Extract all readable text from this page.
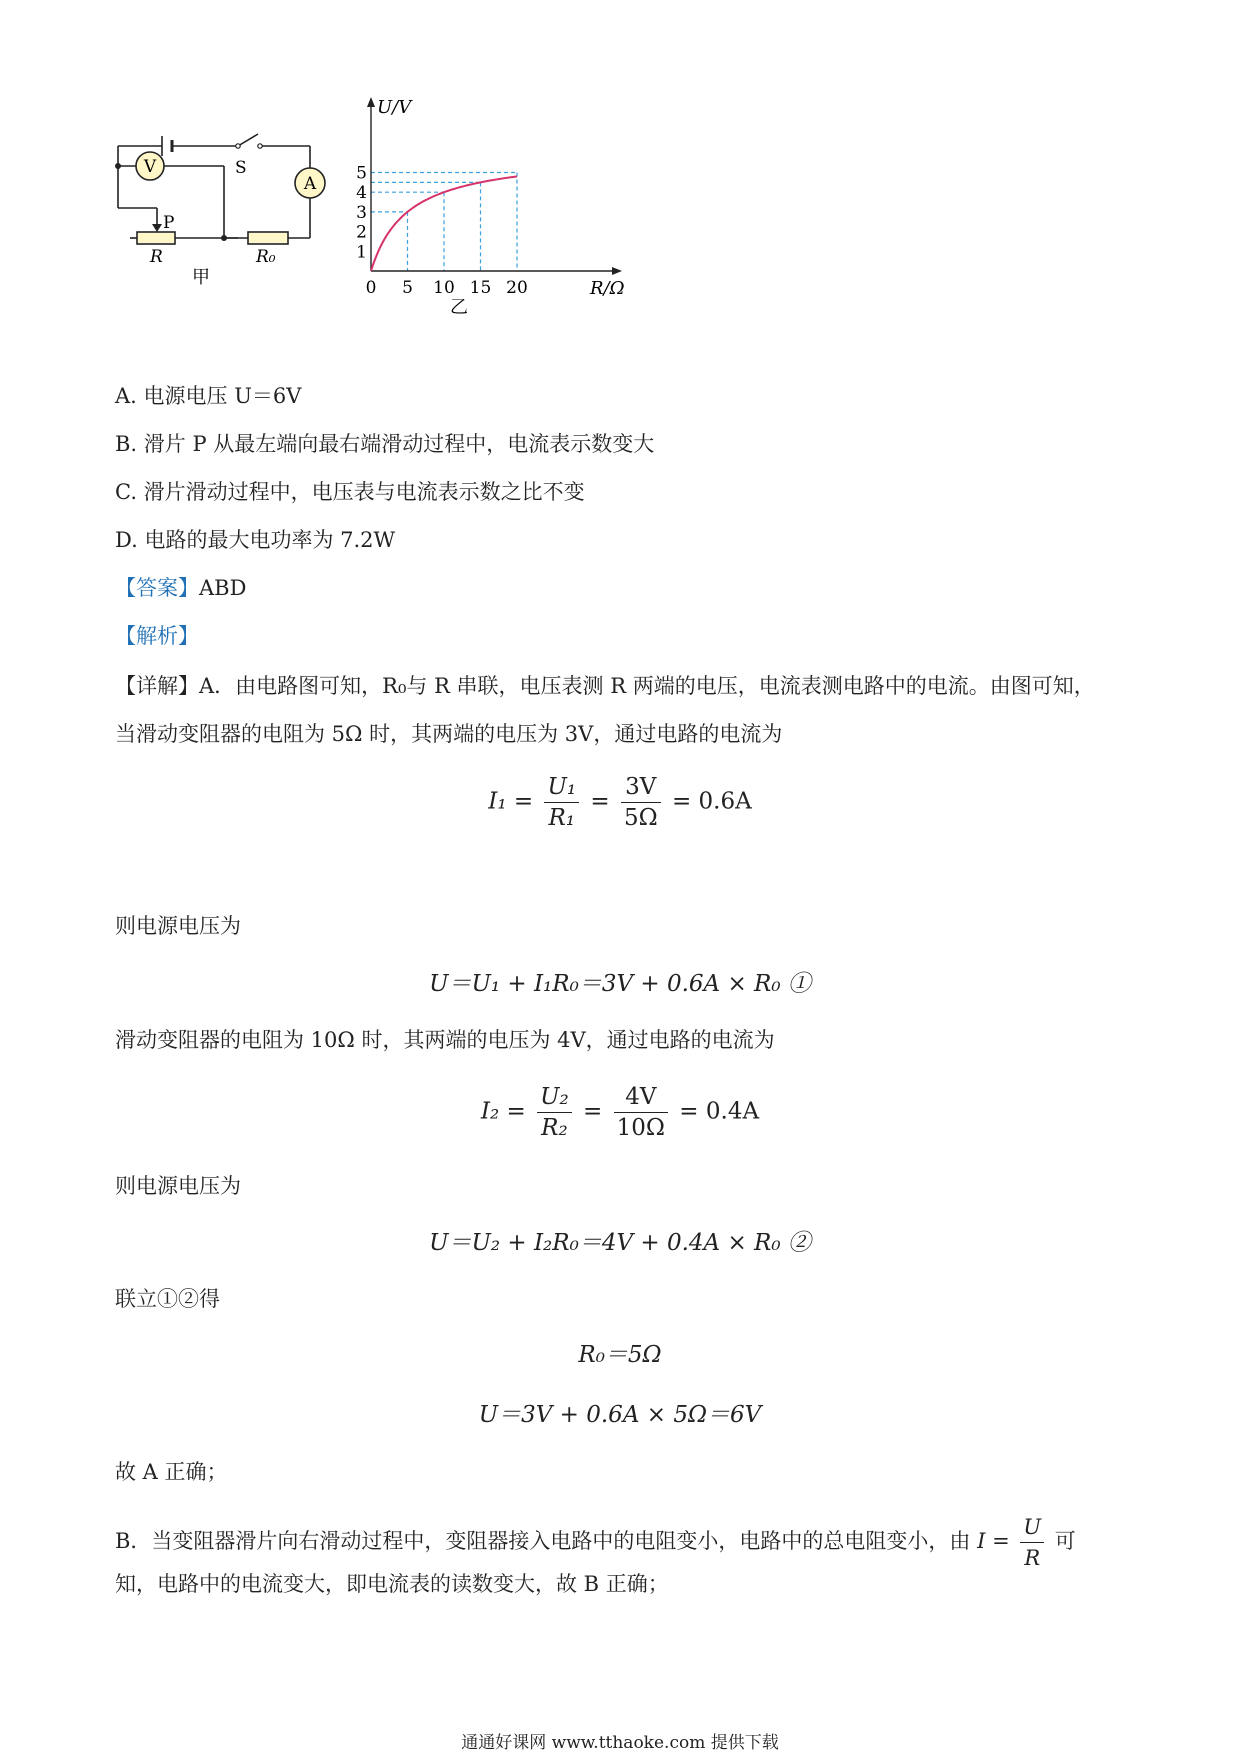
V
A
S
P
R	R₀
甲	0 5 10 15 20
1
2
3
4
5
U/V
R/Ω
乙
A. 电源电压 U＝6V
B. 滑片 P 从最左端向最右端滑动过程中，电流表示数变大
C. 滑片滑动过程中，电压表与电流表示数之比不变
D. 电路的最大电功率为 7.2W
【答案】ABD
【解析】
【详解】A．由电路图可知，R₀与 R 串联，电压表测 R 两端的电压，电流表测电路中的电流。由图可知，
当滑动变阻器的电阻为 5Ω 时，其两端的电压为 3V，通过电路的电流为
$I_1 = \frac{\text{U₁}}{\text{R₁}} = \frac{3V}{5\Omega} = 0.6A$
则电源电压为
U＝U₁ + I₁R₀＝3V + 0.6A × R₀ ①
滑动变阻器的电阻为 10Ω 时，其两端的电压为 4V，通过电路的电流为
$I_2 = \frac{\text{U₂}}{\text{R₂}} = \frac{4V}{10\Omega} = 0.4A$
则电源电压为
U＝U₂ + I₂R₀＝4V + 0.4A × R₀ ②
联立①②得
R₀＝5Ω
U＝3V + 0.6A × 5Ω＝6V
故 A 正确；
B．当变阻器滑片向右滑动过程中，变阻器接入电路中的电阻变小，电路中的总电阻变小，由 $I = \frac{U}{R}$ 可
知，电路中的电流变大，即电流表的读数变大，故 B 正确；
通通好课网 www.tthaoke.com 提供下载
